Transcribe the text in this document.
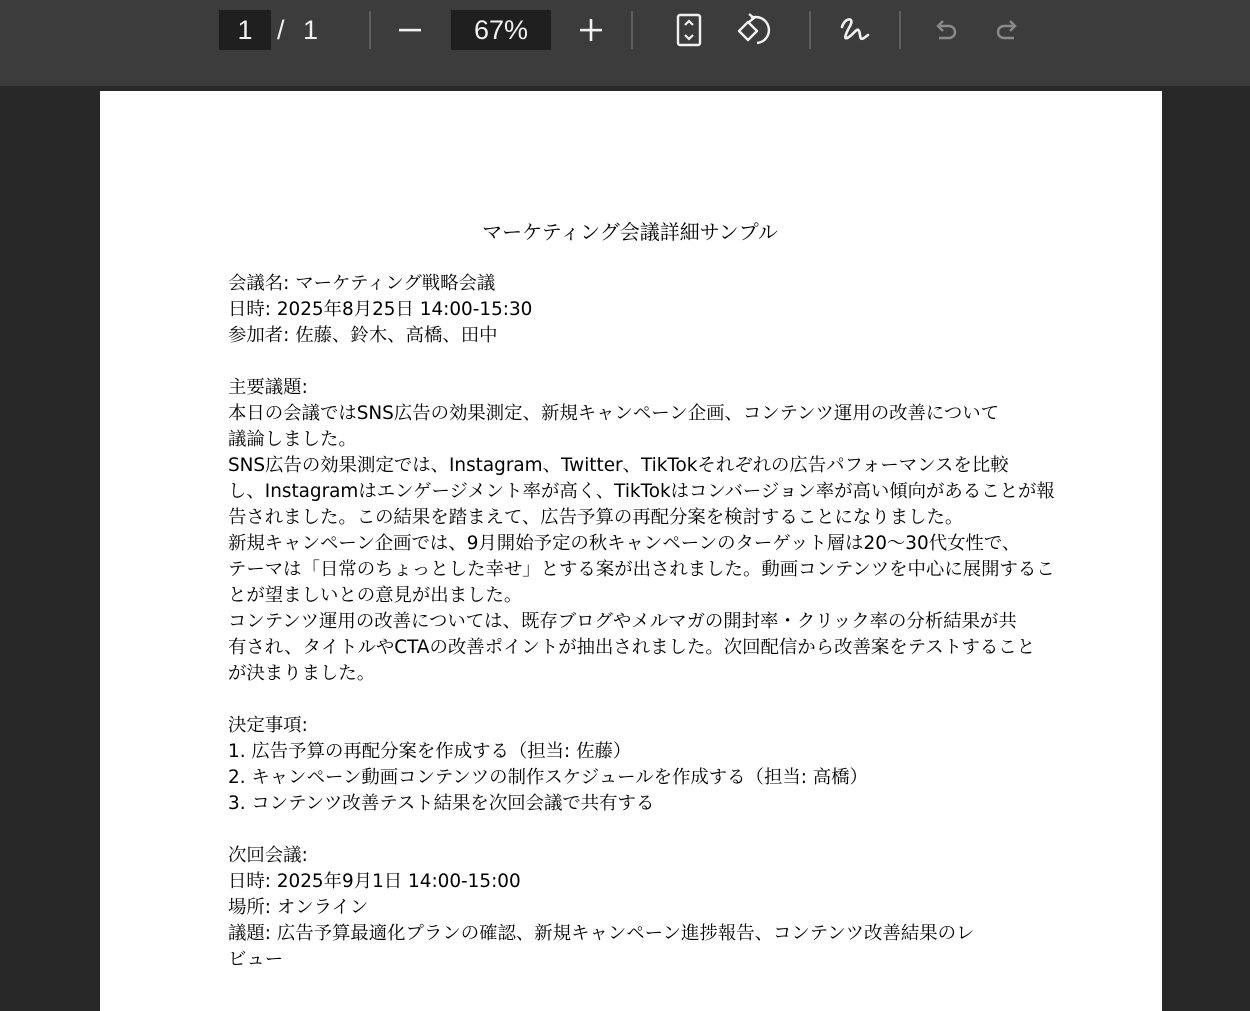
1 / 1	67%
マーケティング会議詳細サンプル
会議名: マーケティング戦略会議
日時: 2025年8月25日 14:00-15:30
参加者: 佐藤、鈴木、高橋、田中
主要議題:
本日の会議ではSNS広告の効果測定、新規キャンペーン企画、コンテンツ運用の改善について
議論しました。
SNS広告の効果測定では、Instagram、Twitter、TikTokそれぞれの広告パフォーマンスを比較
し、Instagramはエンゲージメント率が高く、TikTokはコンバージョン率が高い傾向があることが報
告されました。この結果を踏まえて、広告予算の再配分案を検討することになりました。
新規キャンペーン企画では、9月開始予定の秋キャンペーンのターゲット層は20〜30代女性で、
テーマは「日常のちょっとした幸せ」とする案が出されました。動画コンテンツを中心に展開するこ
とが望ましいとの意見が出ました。
コンテンツ運用の改善については、既存ブログやメルマガの開封率・クリック率の分析結果が共
有され、タイトルやCTAの改善ポイントが抽出されました。次回配信から改善案をテストすること
が決まりました。
決定事項:
1. 広告予算の再配分案を作成する（担当: 佐藤）
2. キャンペーン動画コンテンツの制作スケジュールを作成する（担当: 高橋）
3. コンテンツ改善テスト結果を次回会議で共有する
次回会議:
日時: 2025年9月1日 14:00-15:00
場所: オンライン
議題: 広告予算最適化プランの確認、新規キャンペーン進捗報告、コンテンツ改善結果のレ
ビュー
